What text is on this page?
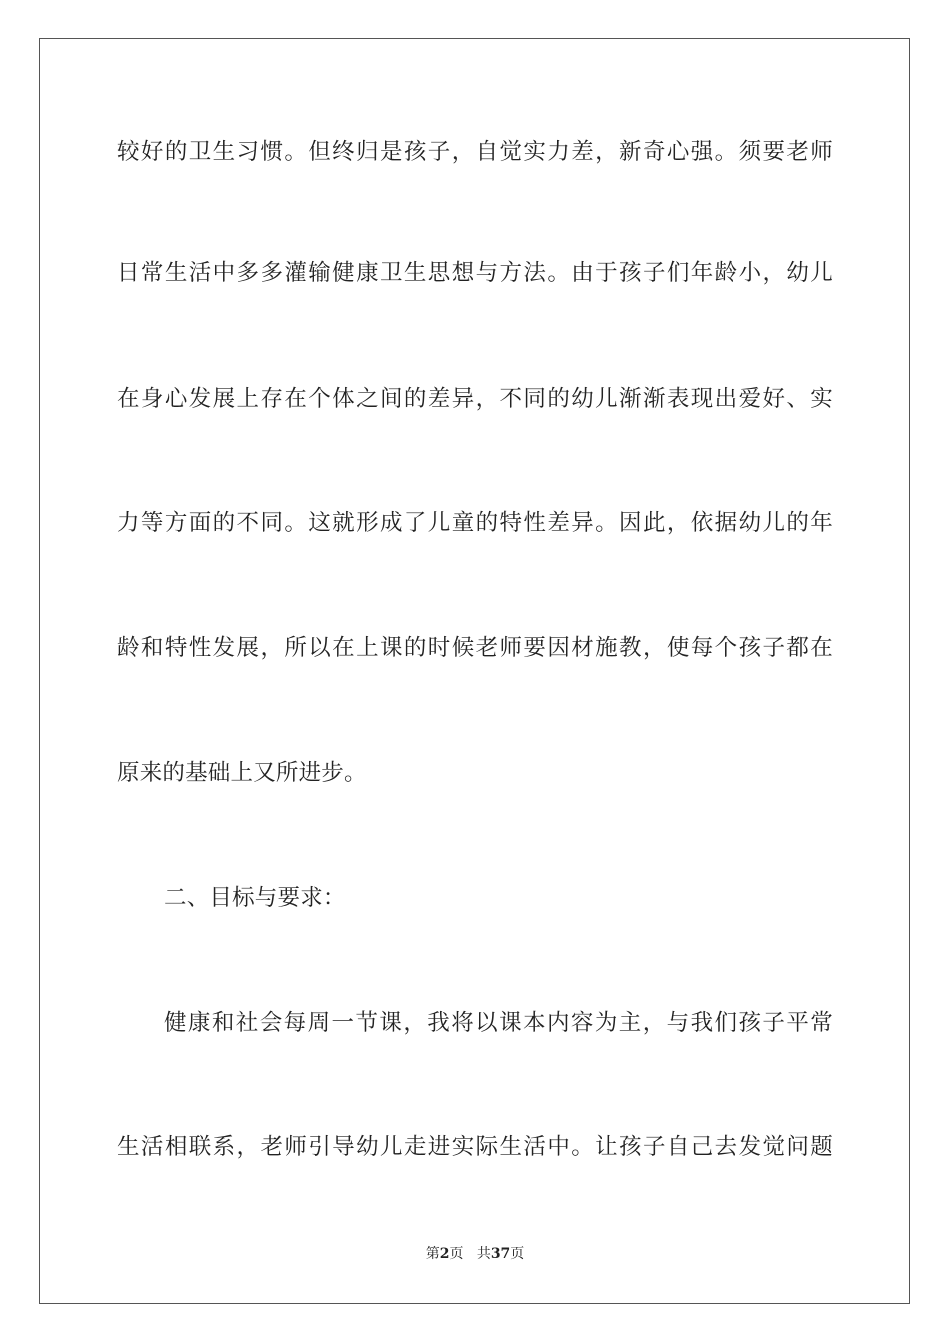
较好的卫生习惯。但终归是孩子，自觉实力差，新奇心强。须要老师
日常生活中多多灌输健康卫生思想与方法。由于孩子们年龄小，幼儿
在身心发展上存在个体之间的差异，不同的幼儿渐渐表现出爱好、实
力等方面的不同。这就形成了儿童的特性差异。因此，依据幼儿的年
龄和特性发展，所以在上课的时候老师要因材施教，使每个孩子都在
原来的基础上又所进步。
二、目标与要求：
健康和社会每周一节课，我将以课本内容为主，与我们孩子平常
生活相联系，老师引导幼儿走进实际生活中。让孩子自己去发觉问题
第2页 共37页
